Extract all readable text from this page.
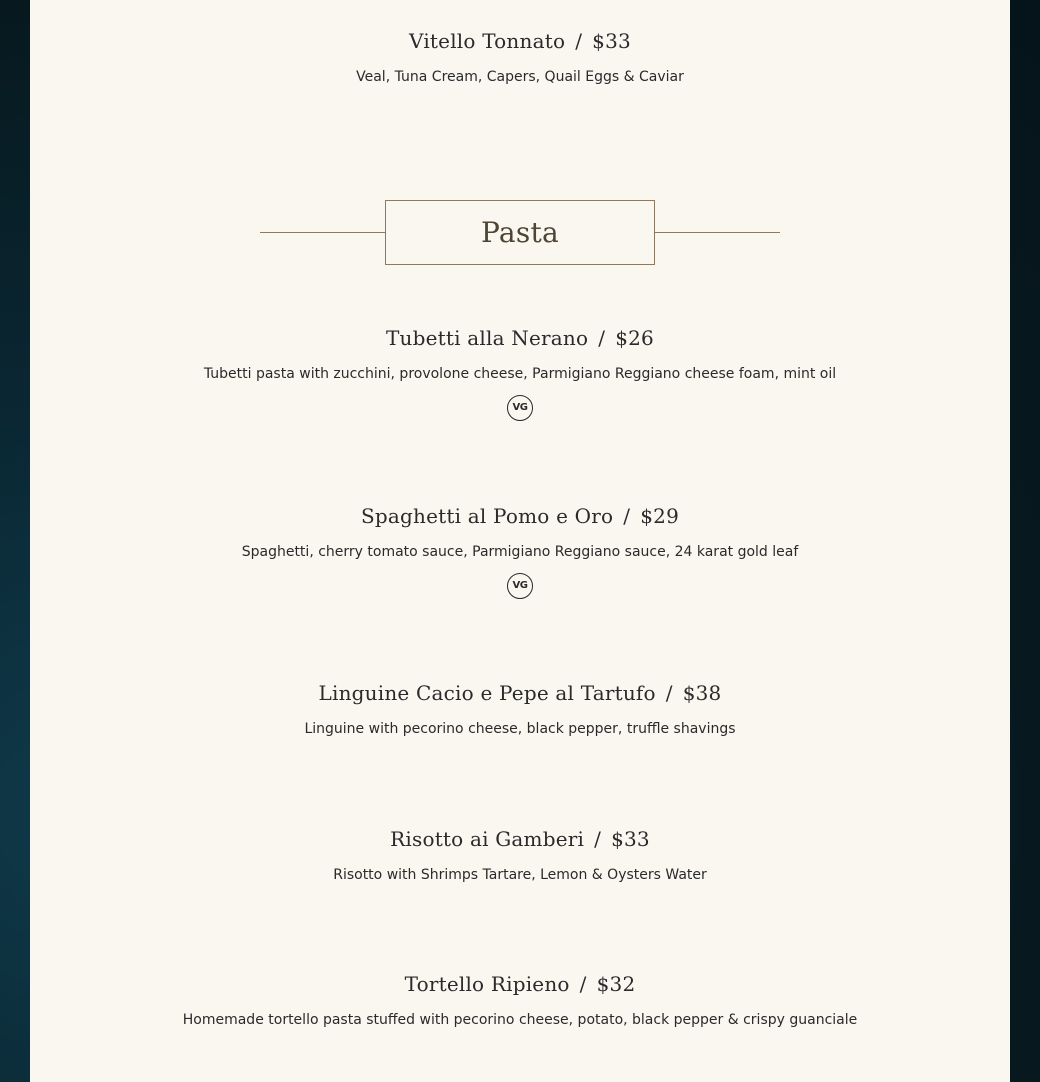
Vitello Tonnato / $33
Veal, Tuna Cream, Capers, Quail Eggs & Caviar
Pasta
Tubetti alla Nerano / $26
Tubetti pasta with zucchini, provolone cheese, Parmigiano Reggiano cheese foam, mint oil
VG
Spaghetti al Pomo e Oro / $29
Spaghetti, cherry tomato sauce, Parmigiano Reggiano sauce, 24 karat gold leaf
VG
Linguine Cacio e Pepe al Tartufo / $38
Linguine with pecorino cheese, black pepper, truffle shavings
Risotto ai Gamberi / $33
Risotto with Shrimps Tartare, Lemon & Oysters Water
Tortello Ripieno / $32
Homemade tortello pasta stuffed with pecorino cheese, potato, black pepper & crispy guanciale
